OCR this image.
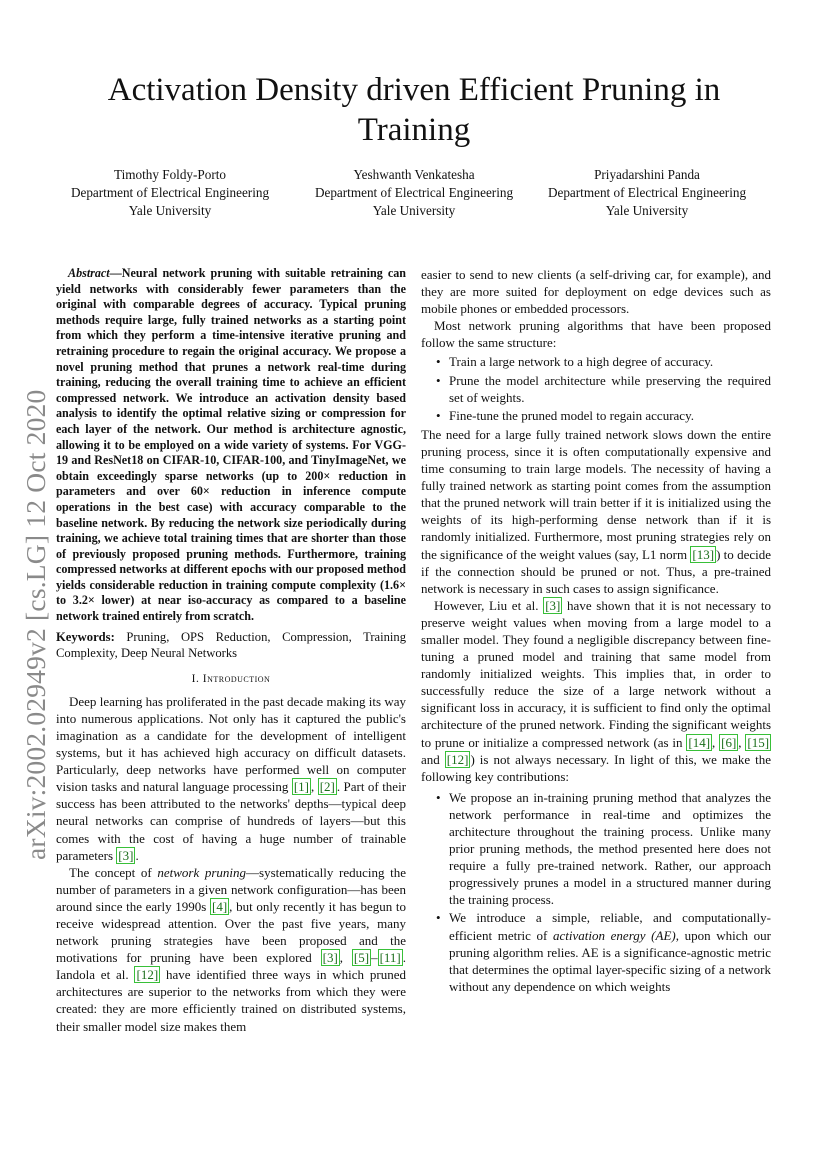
Activation Density driven Efficient Pruning in Training
Timothy Foldy-Porto
Department of Electrical Engineering
Yale University
Yeshwanth Venkatesha
Department of Electrical Engineering
Yale University
Priyadarshini Panda
Department of Electrical Engineering
Yale University
arXiv:2002.02949v2 [cs.LG] 12 Oct 2020

Abstract—Neural network pruning with suitable retraining can yield networks with considerably fewer parameters than the original with comparable degrees of accuracy. Typical pruning methods require large, fully trained networks as a starting point from which they perform a time-intensive iterative pruning and retraining procedure to regain the original accuracy. We propose a novel pruning method that prunes a network real-time during training, reducing the overall training time to achieve an efficient compressed network. We introduce an activation density based analysis to identify the optimal relative sizing or compression for each layer of the network. Our method is architecture agnostic, allowing it to be employed on a wide variety of systems. For VGG-19 and ResNet18 on CIFAR-10, CIFAR-100, and TinyImageNet, we obtain exceedingly sparse networks (up to 200× reduction in parameters and over 60× reduction in inference compute operations in the best case) with accuracy comparable to the baseline network. By reducing the network size periodically during training, we achieve total training times that are shorter than those of previously proposed pruning methods. Furthermore, training compressed networks at different epochs with our proposed method yields considerable reduction in training compute complexity (1.6× to 3.2× lower) at near iso-accuracy as compared to a baseline network trained entirely from scratch.

Keywords: Pruning, OPS Reduction, Compression, Training Complexity, Deep Neural Networks

I. Introduction

Deep learning has proliferated in the past decade making its way into numerous applications. Not only has it captured the public's imagination as a candidate for the development of intelligent systems, but it has achieved high accuracy on difficult datasets. Particularly, deep networks have performed well on computer vision tasks and natural language processing [1] , [2] . Part of their success has been attributed to the networks' depths—typical deep neural networks can comprise of hundreds of layers—but this comes with the cost of having a huge number of trainable parameters [3] .

The concept of network pruning—systematically reducing the number of parameters in a given network configuration—has been around since the early 1990s [4] , but only recently it has begun to receive widespread attention. Over the past five years, many network pruning strategies have been proposed and the motivations for pruning have been explored [3] , [5] – [11] . Iandola et al. [12] have identified three ways in which pruned architectures are superior to the networks from which they were created: they are more efficiently trained on distributed systems, their smaller model size makes them

easier to send to new clients (a self-driving car, for example), and they are more suited for deployment on edge devices such as mobile phones or embedded processors.

Most network pruning algorithms that have been proposed follow the same structure:

• Train a large network to a high degree of accuracy.
• Prune the model architecture while preserving the required set of weights.
• Fine-tune the pruned model to regain accuracy.

The need for a large fully trained network slows down the entire pruning process, since it is often computationally expensive and time consuming to train large models. The necessity of having a fully trained network as starting point comes from the assumption that the pruned network will train better if it is initialized using the weights of its high-performing dense network than if it is randomly initialized. Furthermore, most pruning strategies rely on the significance of the weight values (say, L1 norm [13] ) to decide if the connection should be pruned or not. Thus, a pre-trained network is necessary in such cases to assign significance.

However, Liu et al. [3] have shown that it is not necessary to preserve weight values when moving from a large model to a smaller model. They found a negligible discrepancy between fine-tuning a pruned model and training that same model from randomly initialized weights. This implies that, in order to successfully reduce the size of a large network without a significant loss in accuracy, it is sufficient to find only the optimal architecture of the pruned network. Finding the significant weights to prune or initialize a compressed network (as in [14] , [6] , [15] and [12] ) is not always necessary. In light of this, we make the following key contributions:

• We propose an in-training pruning method that analyzes the network performance in real-time and optimizes the architecture throughout the training process. Unlike many prior pruning methods, the method presented here does not require a fully pre-trained network. Rather, our approach progressively prunes a model in a structured manner during the training process.
• We introduce a simple, reliable, and computationally-efficient metric of activation energy (AE), upon which our pruning algorithm relies. AE is a significance-agnostic metric that determines the optimal layer-specific sizing of a network without any dependence on which weights
